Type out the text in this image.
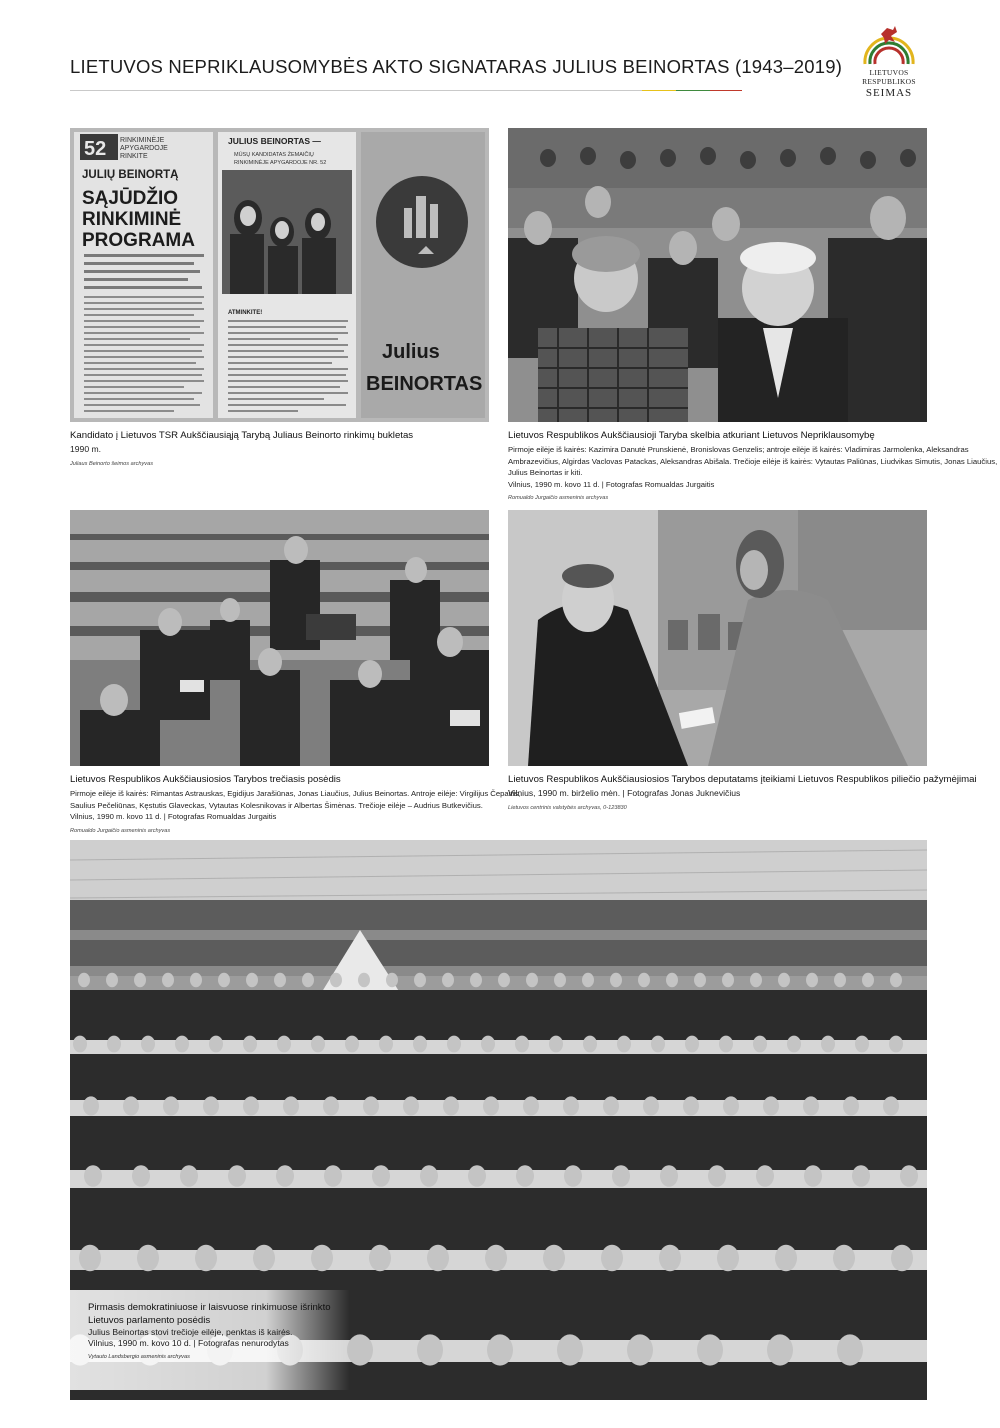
LIETUVOS NEPRIKLAUSOMYBĖS AKTO SIGNATARAS JULIUS BEINORTAS (1943–2019)	LIETUVOS RESPUBLIKOS
SEIMAS
52 RINKIMINĖJE
APYGARDOJE
RINKITE
JULIŲ BEINORTĄ
SĄJŪDŽIO
RINKIMINĖ
PROGRAMA
JULIUS BEINORTAS —
MŪSŲ KANDIDATAS ŽEMAIČIŲ
RINKIMINĖJE APYGARDOJE NR. 52
ATMINKITE!
Julius
BEINORTAS
Kandidato į Lietuvos TSR Aukščiausiąją Tarybą Juliaus Beinorto rinkimų bukletas
1990 m.
Juliaus Beinorto šeimos archyvas
Lietuvos Respublikos Aukščiausioji Taryba skelbia atkuriant Lietuvos Nepriklausomybę
Pirmoje eilėje iš kairės: Kazimira Danutė Prunskienė, Bronislovas Genzelis; antroje eilėje iš kairės: Vladimiras Jarmolenka, Aleksandras
Ambrazevičius, Algirdas Vaclovas Patackas, Aleksandras Abišala. Trečioje eilėje iš kairės: Vytautas Paliūnas, Liudvikas Simutis, Jonas Liaučius,
Julius Beinortas ir kiti.
Vilnius, 1990 m. kovo 11 d. | Fotografas Romualdas Jurgaitis
Romualdo Jurgaičio asmeninis archyvas
Lietuvos Respublikos Aukščiausiosios Tarybos trečiasis posėdis
Pirmoje eilėje iš kairės: Rimantas Astrauskas, Egidijus Jarašiūnas, Jonas Liaučius, Julius Beinortas. Antroje eilėje: Virgilijus Čepaitis,
Saulius Pečeliūnas, Kęstutis Glaveckas, Vytautas Kolesnikovas ir Albertas Šimėnas. Trečioje eilėje – Audrius Butkevičius.
Vilnius, 1990 m. kovo 11 d. | Fotografas Romualdas Jurgaitis
Romualdo Jurgaičio asmeninis archyvas
Lietuvos Respublikos Aukščiausiosios Tarybos deputatams įteikiami Lietuvos Respublikos piliečio pažymėjimai
Vilnius, 1990 m. birželio mėn. | Fotografas Jonas Juknevičius
Lietuvos centrinis valstybės archyvas, 0-123830
Pirmasis demokratiniuose ir laisvuose rinkimuose išrinkto
Lietuvos parlamento posėdis
Julius Beinortas stovi trečioje eilėje, penktas iš kairės.
Vilnius, 1990 m. kovo 10 d. | Fotografas nenurodytas
Vytauto Landsbergio asmeninis archyvas
